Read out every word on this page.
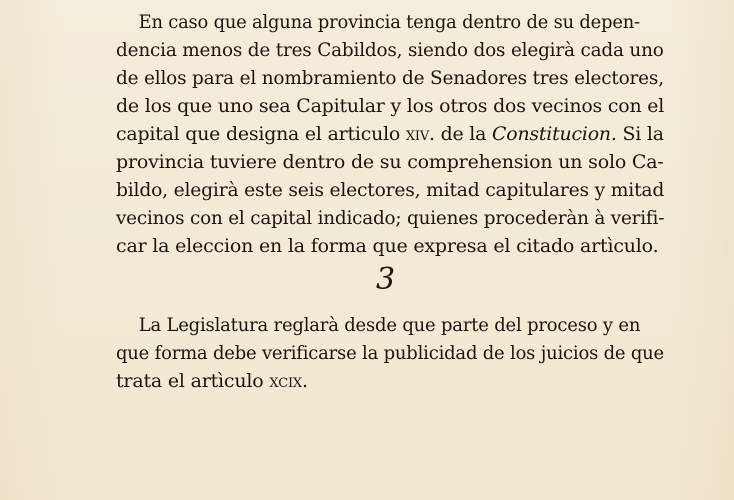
En caso que alguna provincia tenga dentro de su depen-
dencia menos de tres Cabildos, siendo dos elegirà cada uno
de ellos para el nombramiento de Senadores tres electores,
de los que uno sea Capitular y los otros dos vecinos con el
capital que designa el articulo xiv. de la Constitucion. Si la
provincia tuviere dentro de su comprehension un solo Ca-
bildo, elegirà este seis electores, mitad capitulares y mitad
vecinos con el capital indicado; quienes procederàn à verifi-
car la eleccion en la forma que expresa el citado artìculo.
3
La Legislatura reglarà desde que parte del proceso y en
que forma debe verificarse la publicidad de los juicios de que
trata el artìculo xcix.
